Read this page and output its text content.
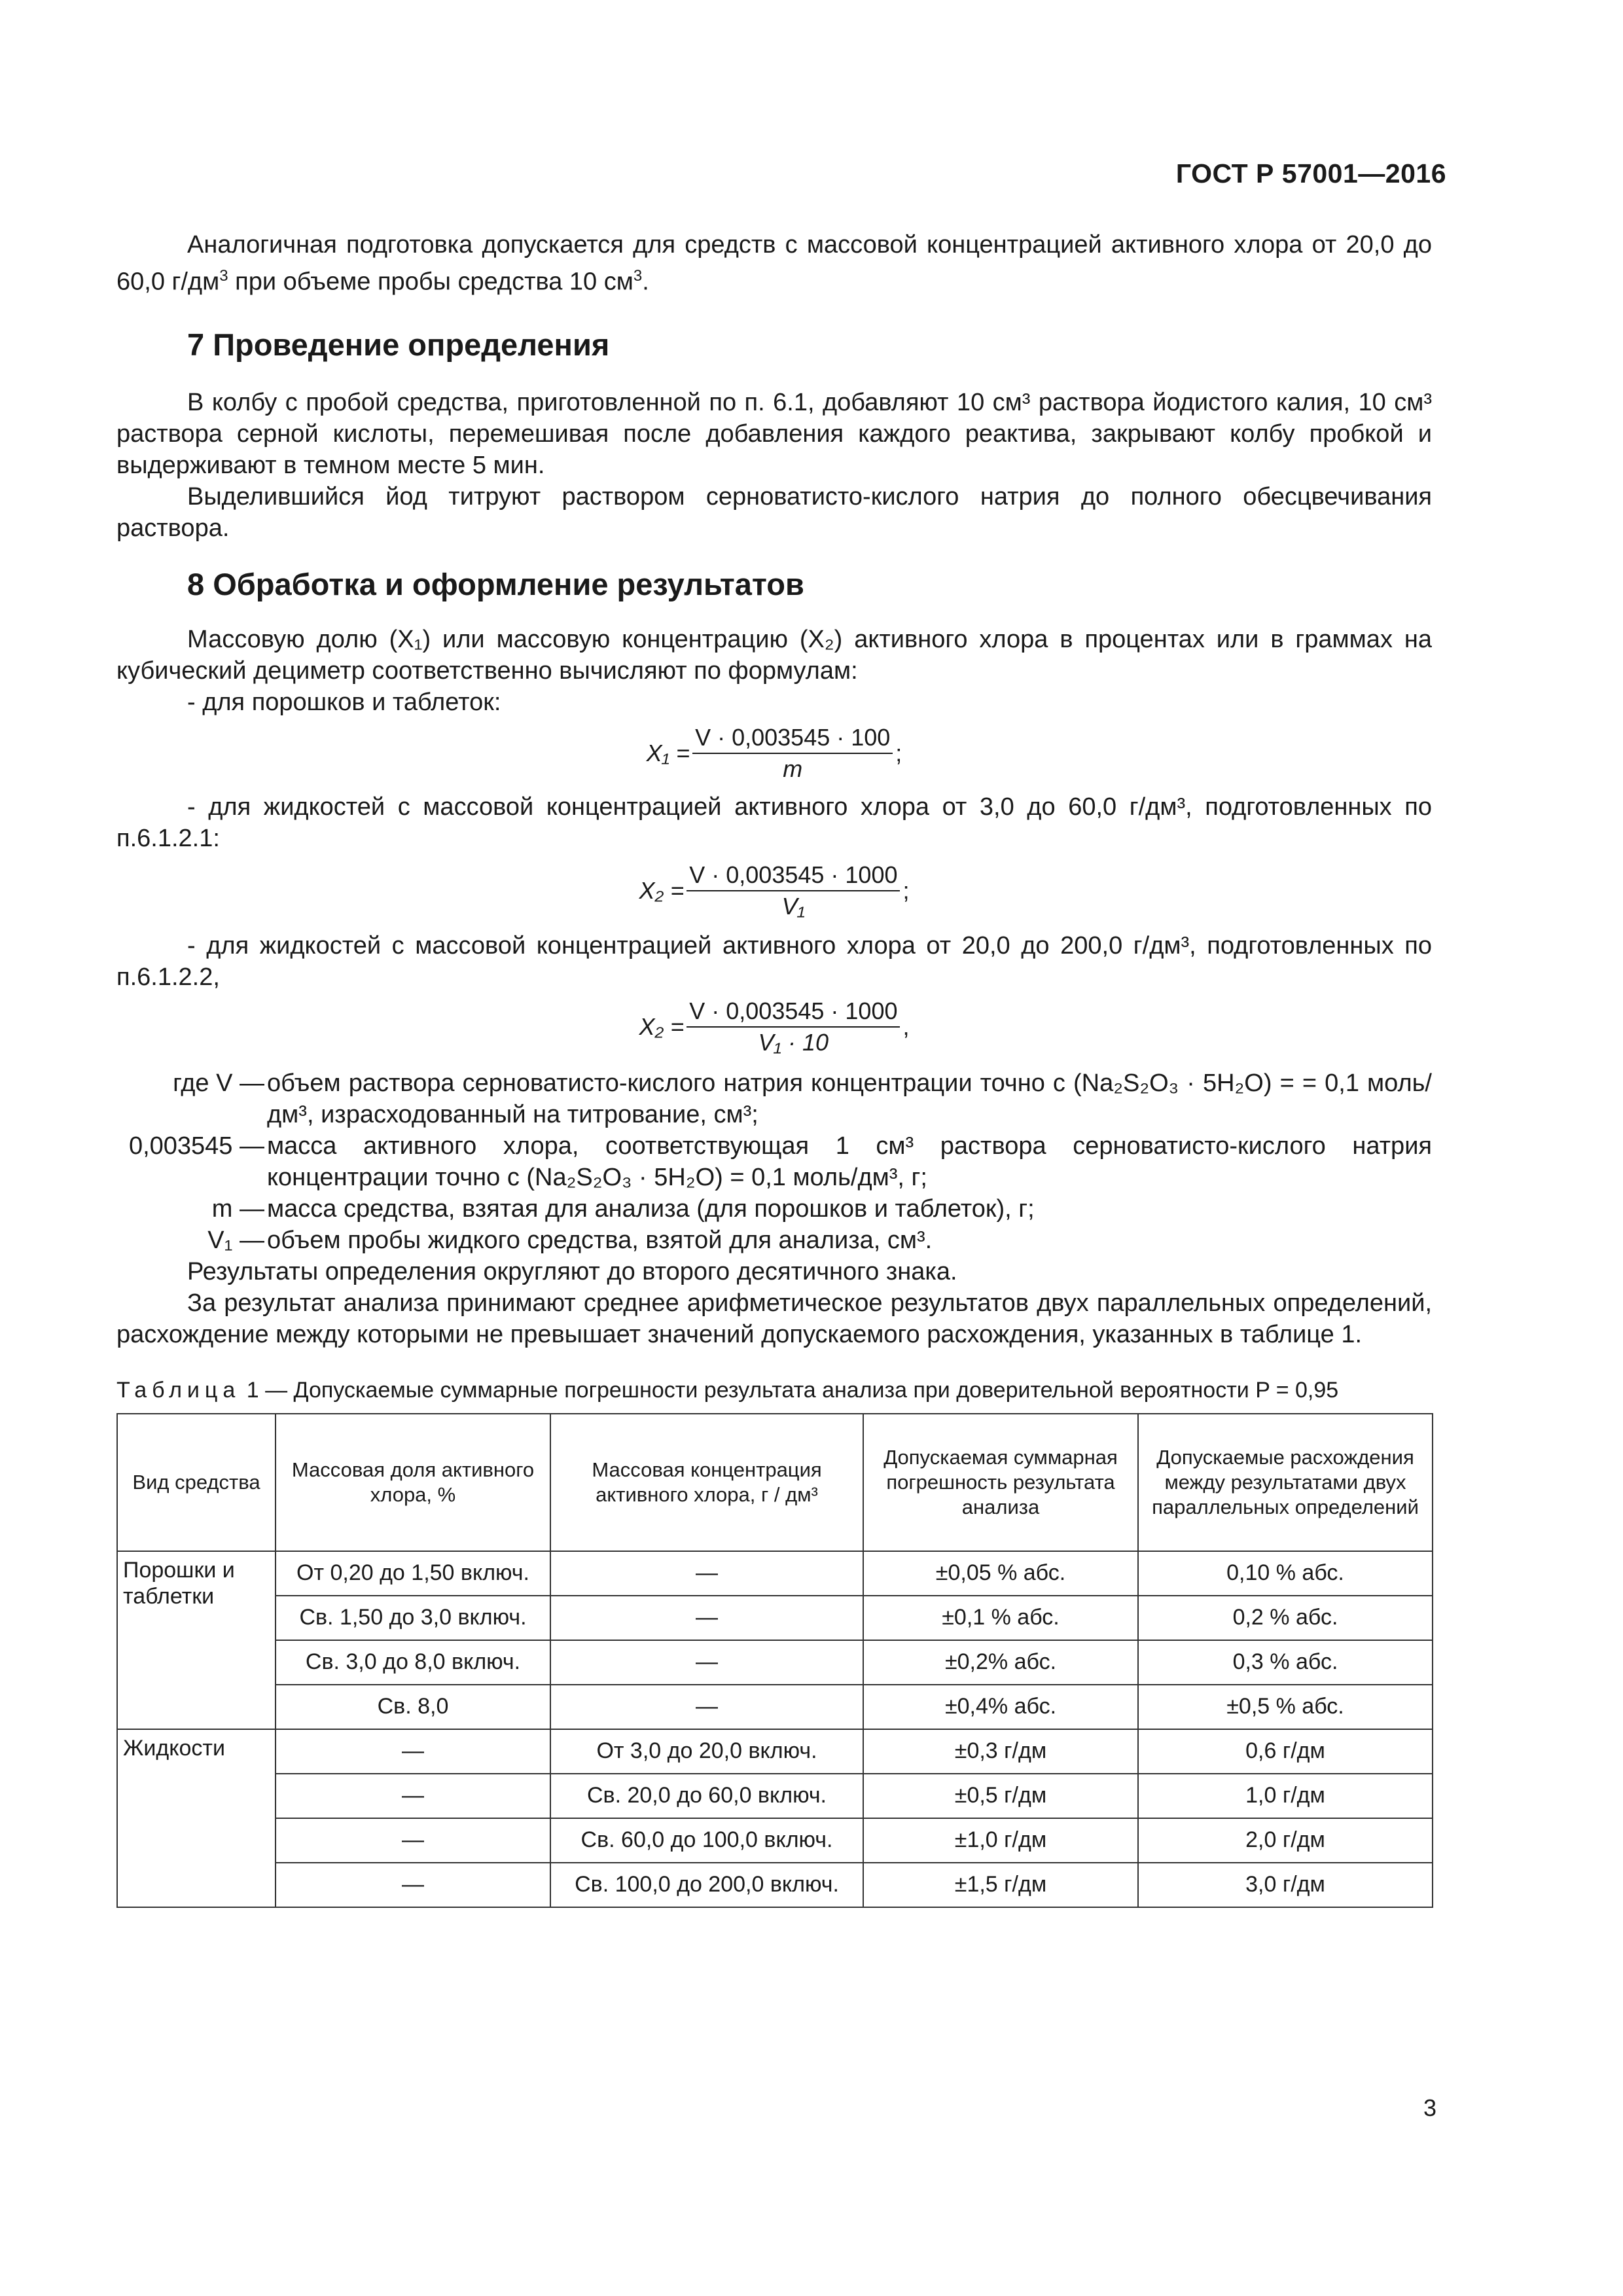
ГОСТ Р 57001—2016

Аналогичная подготовка допускается для средств с массовой концентрацией активного хлора от 20,0 до 60,0 $г/дм^3$ при объеме пробы средства 10 $см^3$.

7 Проведение определения

В колбу с пробой средства, приготовленной по п. 6.1, добавляют 10 см³ раствора йодистого калия, 10 см³ раствора серной кислоты, перемешивая после добавления каждого реактива, закрывают колбу пробкой и выдерживают в темном месте 5 мин.

Выделившийся йод титруют раствором серноватисто-кислого натрия до полного обесцвечивания раствора.

8 Обработка и оформление результатов

Массовую долю (X₁) или массовую концентрацию (X₂) активного хлора в процентах или в граммах на кубический дециметр соответственно вычисляют по формулам:

- для порошков и таблеток:

$X_1 = \frac{V \cdot 0,003545 \cdot 100}{m}$ ;

- для жидкостей с массовой концентрацией активного хлора от 3,0 до 60,0 г/дм³, подготовленных по п.6.1.2.1:

$X_2 = \frac{V \cdot 0,003545 \cdot 1000}{\text{V₁}}$ ;

- для жидкостей с массовой концентрацией активного хлора от 20,0 до 200,0 г/дм³, подготовленных по п.6.1.2.2,

$X_2 = \frac{V \cdot 0,003545 \cdot 1000}{\text{V₁ · 10}}$ ,
где V — объем раствора серноватисто-кислого натрия концентрации точно c (Na₂S₂O₃ · 5H₂O) = = 0,1 моль/дм³, израсходованный на титрование, см³;
0,003545 — масса активного хлора, соответствующая 1 см³ раствора серноватисто-кислого натрия концентрации точно c (Na₂S₂O₃ · 5H₂O) = 0,1 моль/дм³, г;
m — масса средства, взятая для анализа (для порошков и таблеток), г;
V₁ — объем пробы жидкого средства, взятой для анализа, см³.

Результаты определения округляют до второго десятичного знака.

За результат анализа принимают среднее арифметическое результатов двух параллельных определений, расхождение между которыми не превышает значений допускаемого расхождения, указанных в таблице 1.

Таблица 1 — Допускаемые суммарные погрешности результата анализа при доверительной вероятности P = 0,95
Вид средства	Массовая доля активного хлора, %	Массовая концентрация активного хлора, г / дм³	Допускаемая суммарная погрешность результата анализа	Допускаемые расхождения между результатами двух параллельных определений
Порошки и таблетки	От 0,20 до 1,50 включ.	—	±0,05 % абс.	0,10 % абс.
	Св. 1,50 до 3,0 включ.	—	±0,1 % абс.	0,2 % абс.
	Св. 3,0 до 8,0 включ.	—	±0,2% абс.	0,3 % абс.
	Св. 8,0	—	±0,4% абс.	±0,5 % абс.
Жидкости	—	От 3,0 до 20,0 включ.	±0,3 г/дм	0,6 г/дм
	—	Св. 20,0 до 60,0 включ.	±0,5 г/дм	1,0 г/дм
	—	Св. 60,0 до 100,0 включ.	±1,0 г/дм	2,0 г/дм
	—	Св. 100,0 до 200,0 включ.	±1,5 г/дм	3,0 г/дм
3
